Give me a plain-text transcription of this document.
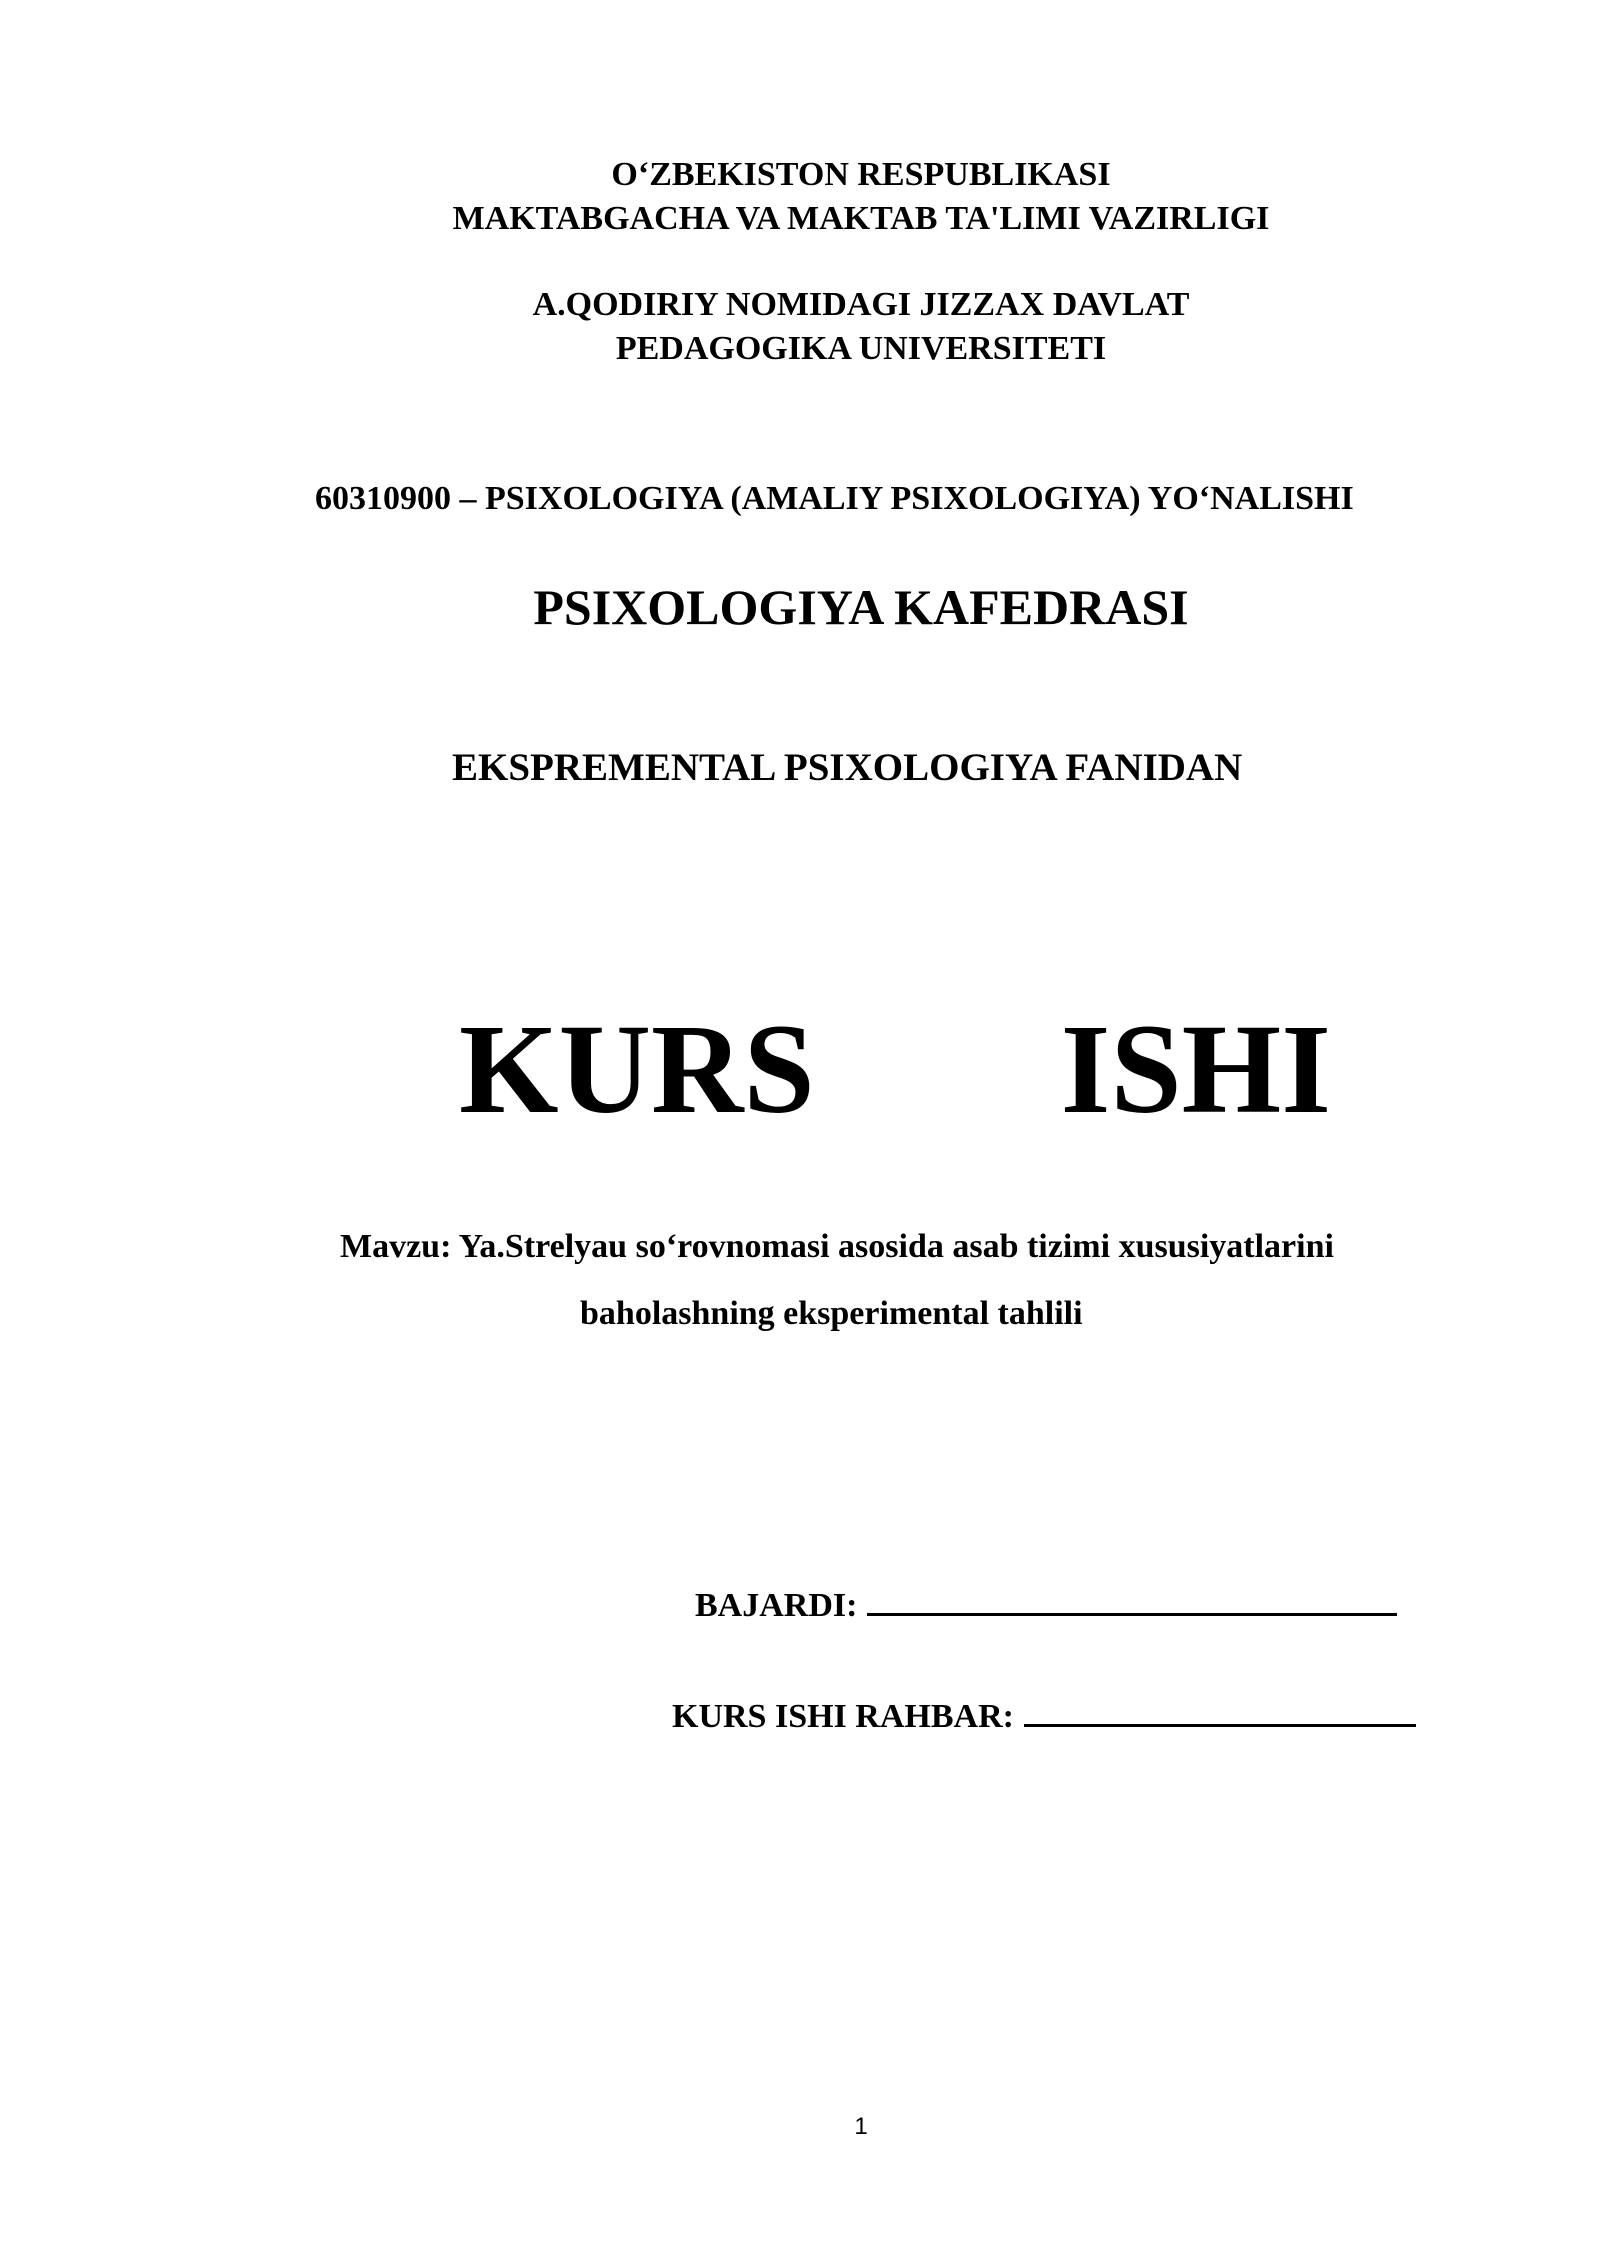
O‘ZBEKISTON RESPUBLIKASI
MAKTABGACHA VA MAKTAB TA'LIMI VAZIRLIGI
A.QODIRIY NOMIDAGI JIZZAX DAVLAT
PEDAGOGIKA UNIVERSITETI
60310900 – PSIXOLOGIYA (AMALIY PSIXOLOGIYA) YO‘NALISHI
PSIXOLOGIYA KAFEDRASI
EKSPREMENTAL PSIXOLOGIYA FANIDAN
KURS   ISHI
Mavzu: Ya.Strelyau so‘rovnomasi asosida asab tizimi xususiyatlarini
baholashning eksperimental tahlili
BAJARDI:
KURS ISHI RAHBAR:
1
